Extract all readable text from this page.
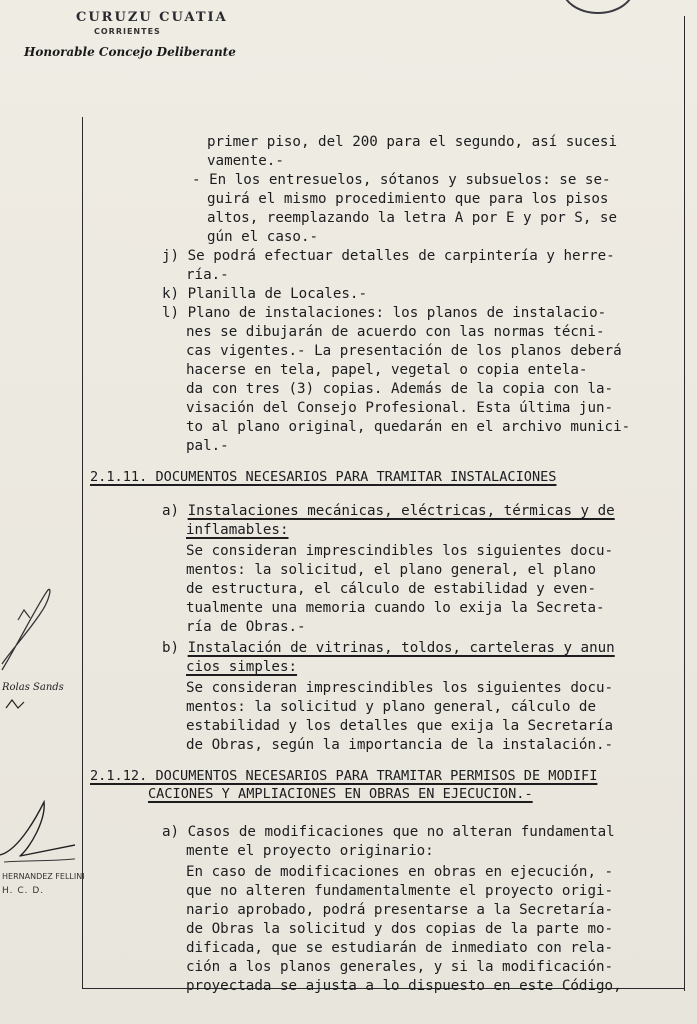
CURUZU CUATIA
CORRIENTES
Honorable Concejo Deliberante
Rolas Sands
HERNANDEZ FELLINI
H. C. D.
primer piso, del 200 para el segundo, así sucesi
vamente.-
- En los entresuelos, sótanos y subsuelos: se se-
guirá el mismo procedimiento que para los pisos
altos, reemplazando la letra A por E y por S, se
gún el caso.-
j) Se podrá efectuar detalles de carpintería y herre-
ría.-
k) Planilla de Locales.-
l) Plano de instalaciones: los planos de instalacio-
nes se dibujarán de acuerdo con las normas técni-
cas vigentes.- La presentación de los planos deberá
hacerse en tela, papel, vegetal o copia entela-
da con tres (3) copias. Además de la copia con la-
visación del Consejo Profesional. Esta última jun-
to al plano original, quedarán en el archivo munici-
pal.-
2.1.11. DOCUMENTOS NECESARIOS PARA TRAMITAR INSTALACIONES
a) Instalaciones mecánicas, eléctricas, térmicas y de
inflamables:
Se consideran imprescindibles los siguientes docu-
mentos: la solicitud, el plano general, el plano
de estructura, el cálculo de estabilidad y even-
tualmente una memoria cuando lo exija la Secreta-
ría de Obras.-
b) Instalación de vitrinas, toldos, carteleras y anun
cios simples:
Se consideran imprescindibles los siguientes docu-
mentos: la solicitud y plano general, cálculo de
estabilidad y los detalles que exija la Secretaría
de Obras, según la importancia de la instalación.-
2.1.12. DOCUMENTOS NECESARIOS PARA TRAMITAR PERMISOS DE MODIFI
CACIONES Y AMPLIACIONES EN OBRAS EN EJECUCION.-
a) Casos de modificaciones que no alteran fundamental
mente el proyecto originario:
En caso de modificaciones en obras en ejecución, -
que no alteren fundamentalmente el proyecto origi-
nario aprobado, podrá presentarse a la Secretaría-
de Obras la solicitud y dos copias de la parte mo-
dificada, que se estudiarán de inmediato con rela-
ción a los planos generales, y si la modificación-
proyectada se ajusta a lo dispuesto en este Código,
